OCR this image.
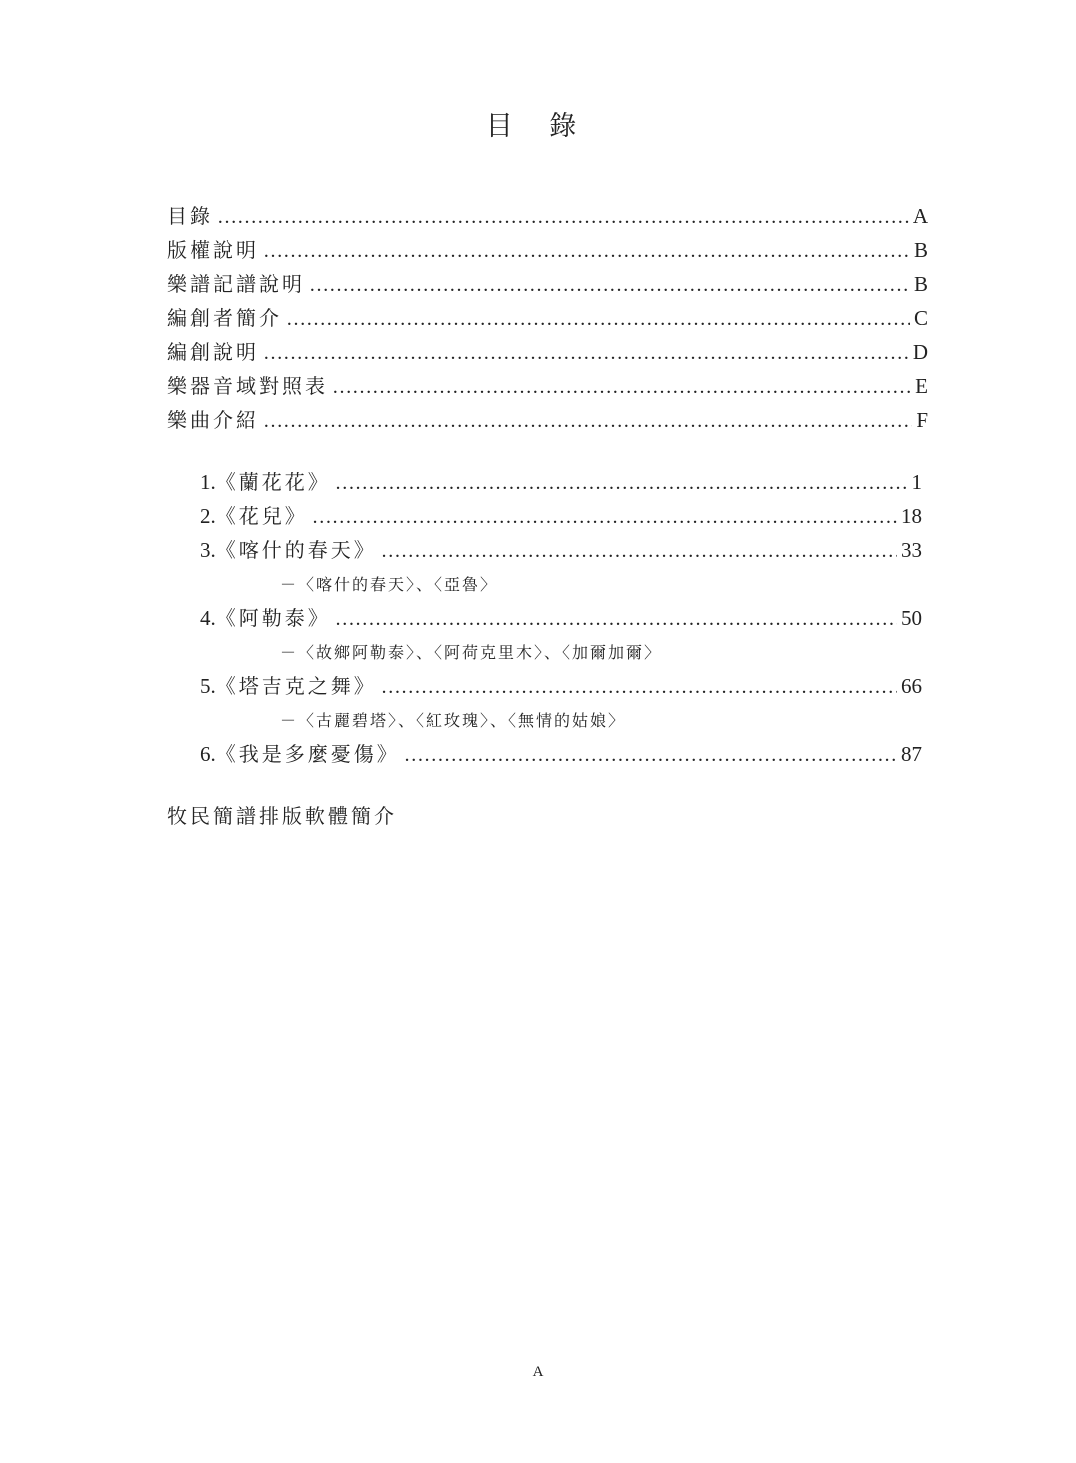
目 錄
目錄 ……………………………………………………………………………………………………………………………………………………	A
版權說明 ……………………………………………………………………………………………………………………………………………………	B
樂譜記譜說明 ……………………………………………………………………………………………………………………………………………………	B
編創者簡介 ……………………………………………………………………………………………………………………………………………………	C
編創說明 ……………………………………………………………………………………………………………………………………………………	D
樂器音域對照表 ……………………………………………………………………………………………………………………………………………………	E
樂曲介紹 ……………………………………………………………………………………………………………………………………………………	F
1. 《蘭花花》 ……………………………………………………………………………………………………………………………………………………	1
2. 《花兒》 ……………………………………………………………………………………………………………………………………………………	18
3. 《喀什的春天》 ……………………………………………………………………………………………………………………………………………………	33
－〈喀什的春天〉、〈亞魯〉
4. 《阿勒泰》 ……………………………………………………………………………………………………………………………………………………	50
－〈故鄉阿勒泰〉、〈阿荷克里木〉、〈加爾加爾〉
5. 《塔吉克之舞》 ……………………………………………………………………………………………………………………………………………………	66
－〈古麗碧塔〉、〈紅玫瑰〉、〈無情的姑娘〉
6. 《我是多麼憂傷》 ……………………………………………………………………………………………………………………………………………………	87
牧民簡譜排版軟體簡介
A
